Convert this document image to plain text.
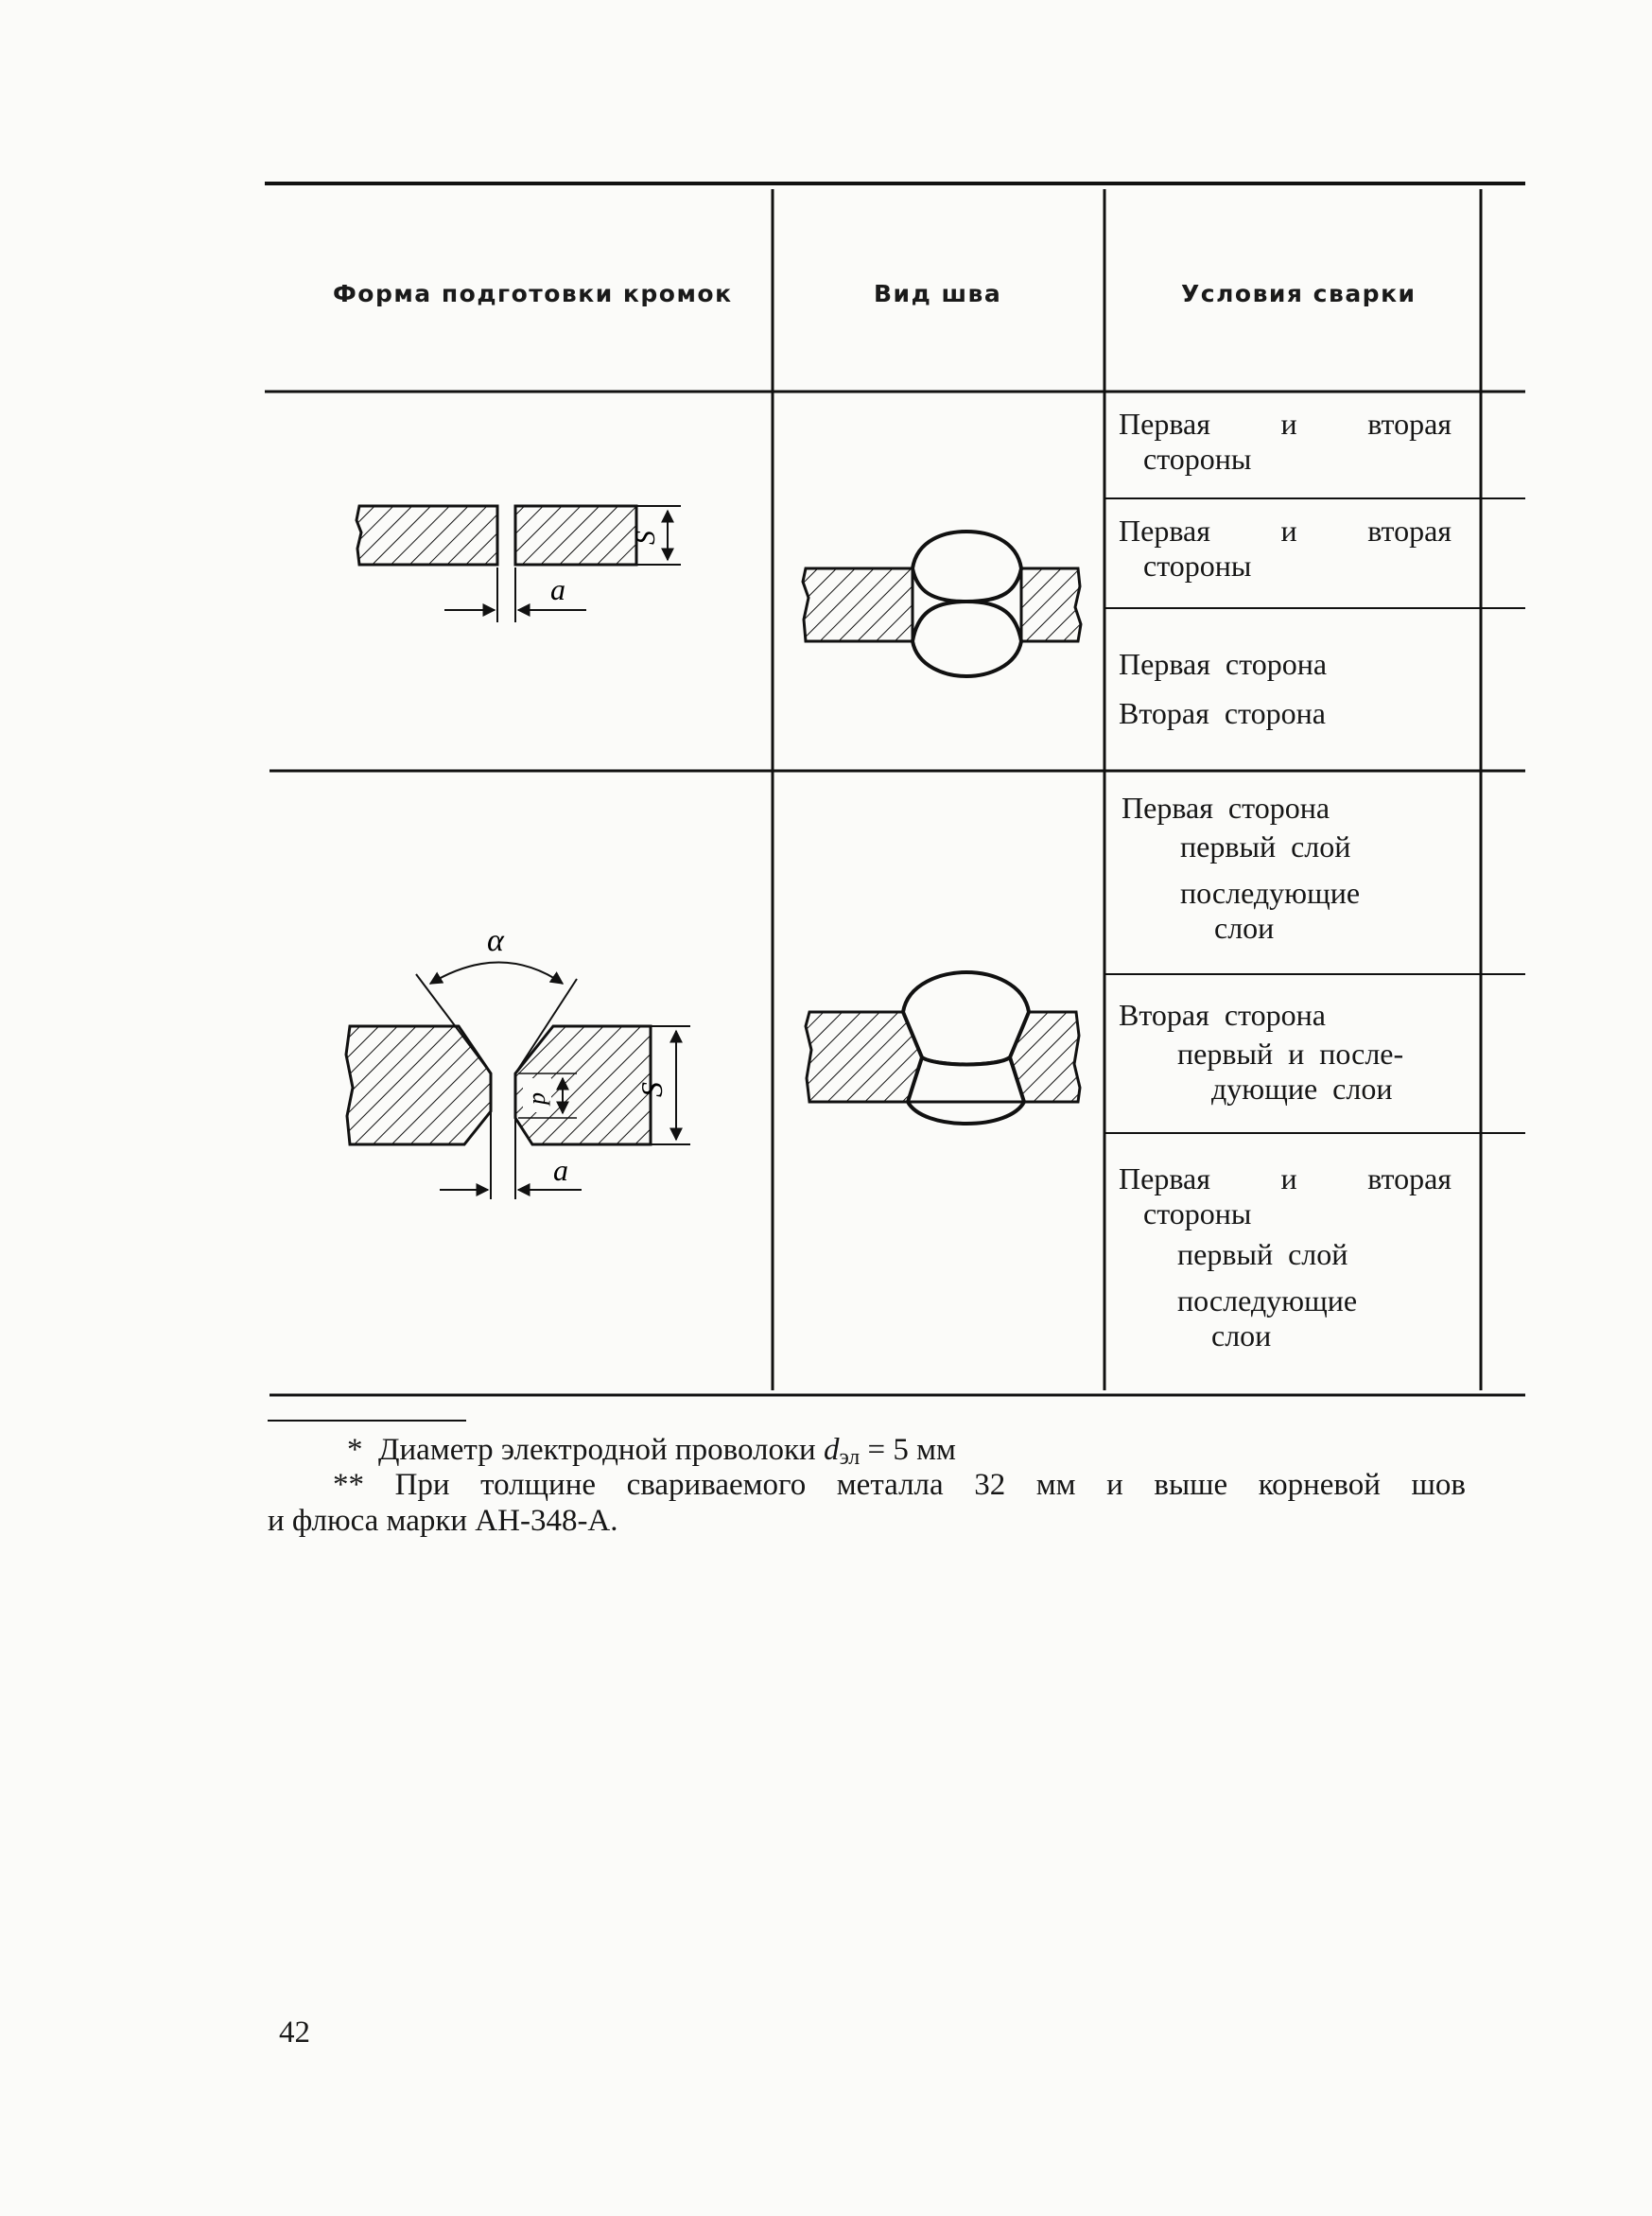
Форма подготовки кромок	Вид шва	Условия сварки
S
a
α
a
p
S
Первая и вторая
стороны
Первая и вторая
стороны
Первая  сторона
Вторая  сторона
Первая  сторона
первый  слой
последующие
слои
Вторая  сторона
первый  и  после-
дующие  слои
Первая и вторая
стороны
первый  слой
последующие
слои
*  Диаметр электродной проволоки $d_{эл} = 5$ мм
** При толщине свариваемого металла 32 мм и выше корневой шов
и флюса марки АН-348-А.
42
